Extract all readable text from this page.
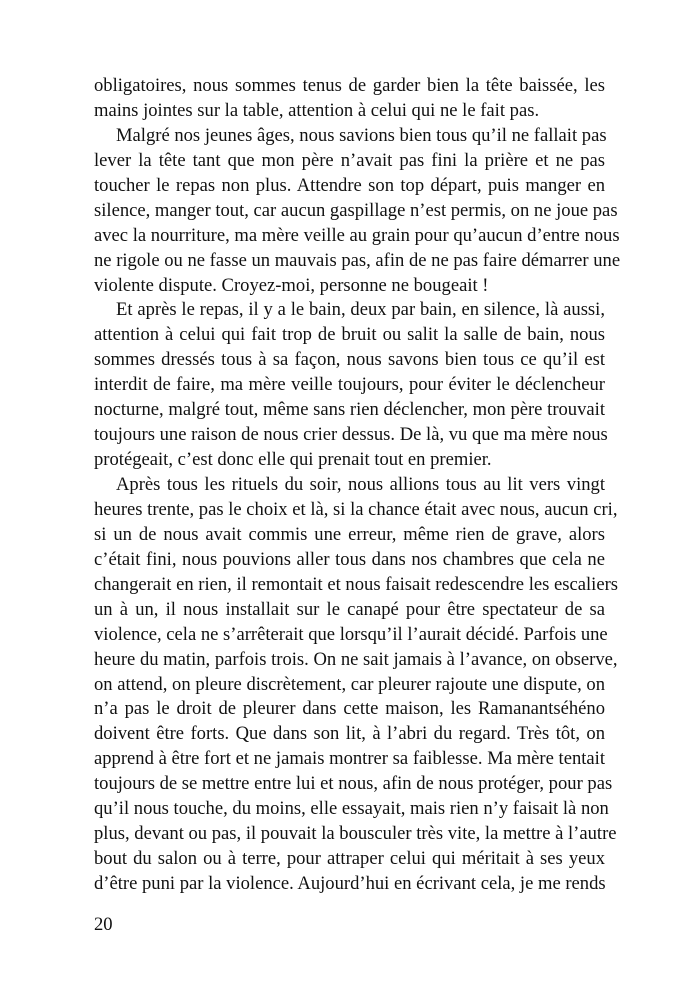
obligatoires, nous sommes tenus de garder bien la tête baissée, les
mains jointes sur la table, attention à celui qui ne le fait pas.
Malgré nos jeunes âges, nous savions bien tous qu’il ne fallait pas
lever la tête tant que mon père n’avait pas fini la prière et ne pas
toucher le repas non plus. Attendre son top départ, puis manger en
silence, manger tout, car aucun gaspillage n’est permis, on ne joue pas
avec la nourriture, ma mère veille au grain pour qu’aucun d’entre nous
ne rigole ou ne fasse un mauvais pas, afin de ne pas faire démarrer une
violente dispute. Croyez-moi, personne ne bougeait !
Et après le repas, il y a le bain, deux par bain, en silence, là aussi,
attention à celui qui fait trop de bruit ou salit la salle de bain, nous
sommes dressés tous à sa façon, nous savons bien tous ce qu’il est
interdit de faire, ma mère veille toujours, pour éviter le déclencheur
nocturne, malgré tout, même sans rien déclencher, mon père trouvait
toujours une raison de nous crier dessus. De là, vu que ma mère nous
protégeait, c’est donc elle qui prenait tout en premier.
Après tous les rituels du soir, nous allions tous au lit vers vingt
heures trente, pas le choix et là, si la chance était avec nous, aucun cri,
si un de nous avait commis une erreur, même rien de grave, alors
c’était fini, nous pouvions aller tous dans nos chambres que cela ne
changerait en rien, il remontait et nous faisait redescendre les escaliers
un à un, il nous installait sur le canapé pour être spectateur de sa
violence, cela ne s’arrêterait que lorsqu’il l’aurait décidé. Parfois une
heure du matin, parfois trois. On ne sait jamais à l’avance, on observe,
on attend, on pleure discrètement, car pleurer rajoute une dispute, on
n’a pas le droit de pleurer dans cette maison, les Ramanantséhéno
doivent être forts. Que dans son lit, à l’abri du regard. Très tôt, on
apprend à être fort et ne jamais montrer sa faiblesse. Ma mère tentait
toujours de se mettre entre lui et nous, afin de nous protéger, pour pas
qu’il nous touche, du moins, elle essayait, mais rien n’y faisait là non
plus, devant ou pas, il pouvait la bousculer très vite, la mettre à l’autre
bout du salon ou à terre, pour attraper celui qui méritait à ses yeux
d’être puni par la violence. Aujourd’hui en écrivant cela, je me rends
20
